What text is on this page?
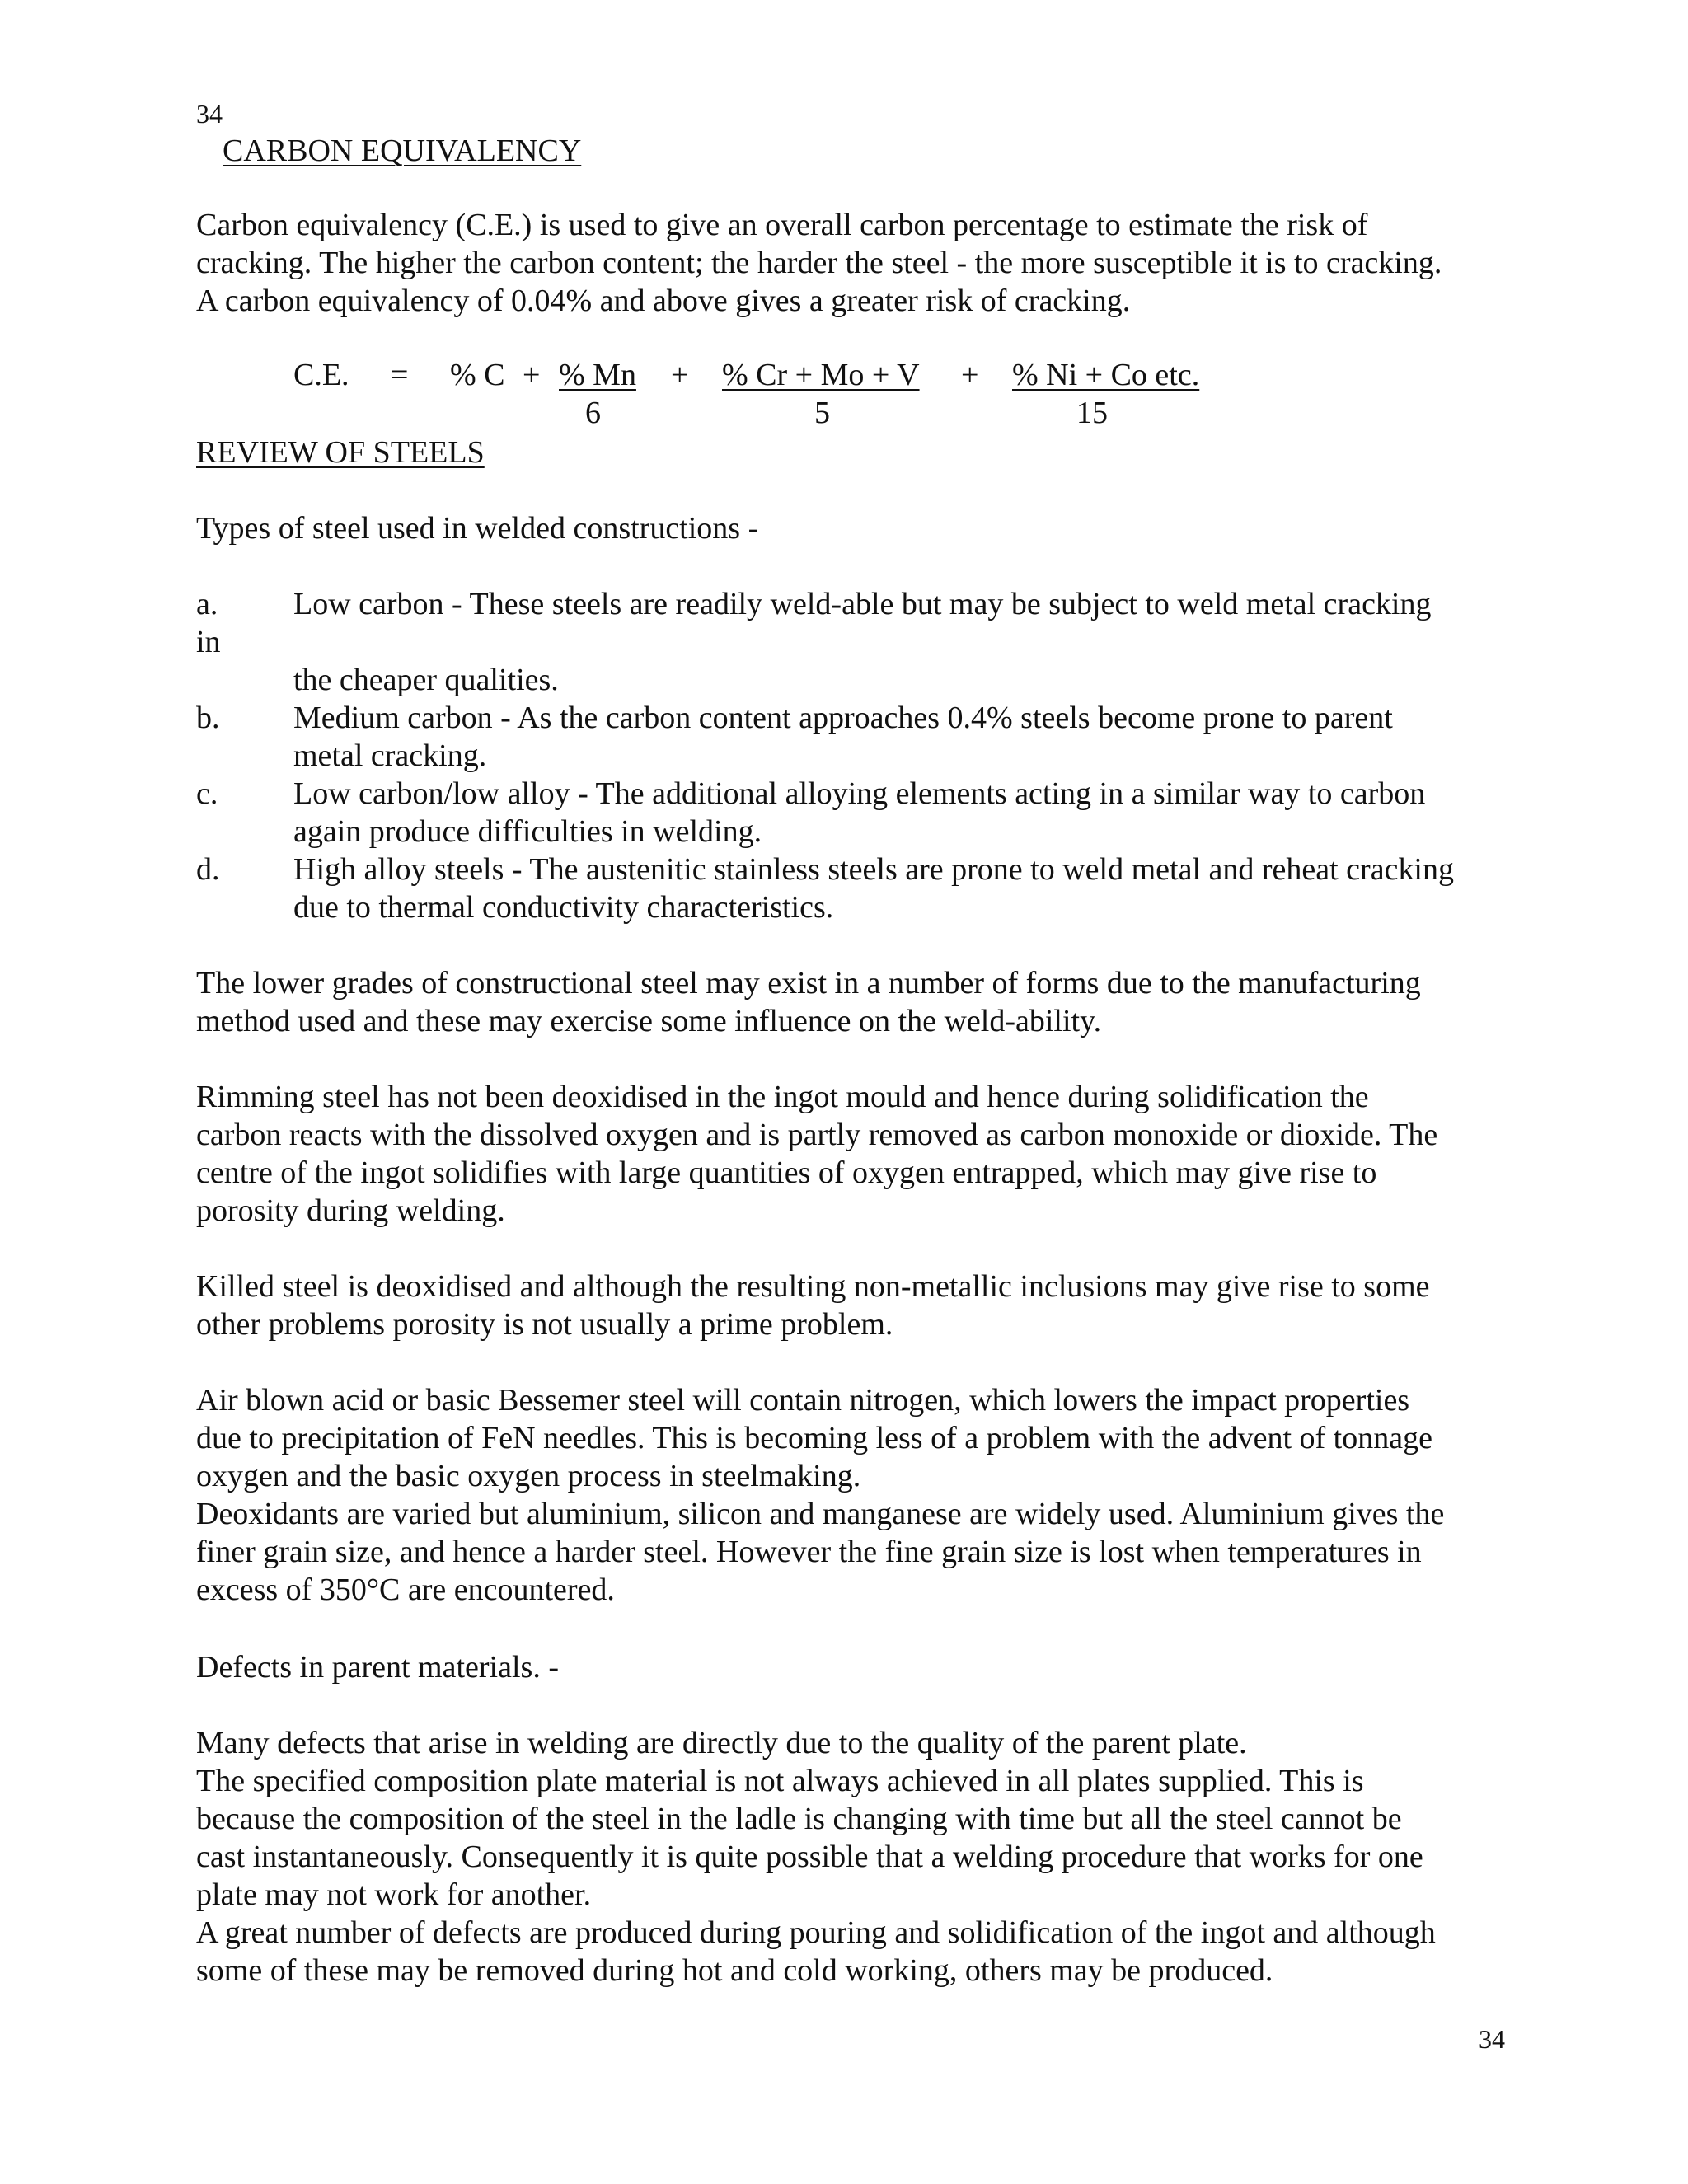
34
CARBON EQUIVALENCY

Carbon equivalency (C.E.) is used to give an overall carbon percentage to estimate the risk of

cracking. The higher the carbon content; the harder the steel - the more susceptible it is to cracking.

A carbon equivalency of 0.04% and above gives a greater risk of cracking.

C.E. = % C + % Mn
6
+ % Cr + Mo + V
5
+ % Ni + Co etc.
15
REVIEW OF STEELS
Types of steel used in welded constructions -
a. Low carbon - These steels are readily weld-able but may be subject to weld metal cracking
in
the cheaper qualities.
b. Medium carbon - As the carbon content approaches 0.4% steels become prone to parent
metal cracking.
c. Low carbon/low alloy - The additional alloying elements acting in a similar way to carbon
again produce difficulties in welding.
d. High alloy steels - The austenitic stainless steels are prone to weld metal and reheat cracking
due to thermal conductivity characteristics.

The lower grades of constructional steel may exist in a number of forms due to the manufacturing

method used and these may exercise some influence on the weld-ability.

Rimming steel has not been deoxidised in the ingot mould and hence during solidification the

carbon reacts with the dissolved oxygen and is partly removed as carbon monoxide or dioxide. The

centre of the ingot solidifies with large quantities of oxygen entrapped, which may give rise to

porosity during welding.

Killed steel is deoxidised and although the resulting non-metallic inclusions may give rise to some

other problems porosity is not usually a prime problem.

Air blown acid or basic Bessemer steel will contain nitrogen, which lowers the impact properties

due to precipitation of FeN needles. This is becoming less of a problem with the advent of tonnage

oxygen and the basic oxygen process in steelmaking.

Deoxidants are varied but aluminium, silicon and manganese are widely used. Aluminium gives the

finer grain size, and hence a harder steel. However the fine grain size is lost when temperatures in

excess of 350°C are encountered.

Defects in parent materials. -

Many defects that arise in welding are directly due to the quality of the parent plate.

The specified composition plate material is not always achieved in all plates supplied. This is

because the composition of the steel in the ladle is changing with time but all the steel cannot be

cast instantaneously. Consequently it is quite possible that a welding procedure that works for one

plate may not work for another.

A great number of defects are produced during pouring and solidification of the ingot and although

some of these may be removed during hot and cold working, others may be produced.

34
